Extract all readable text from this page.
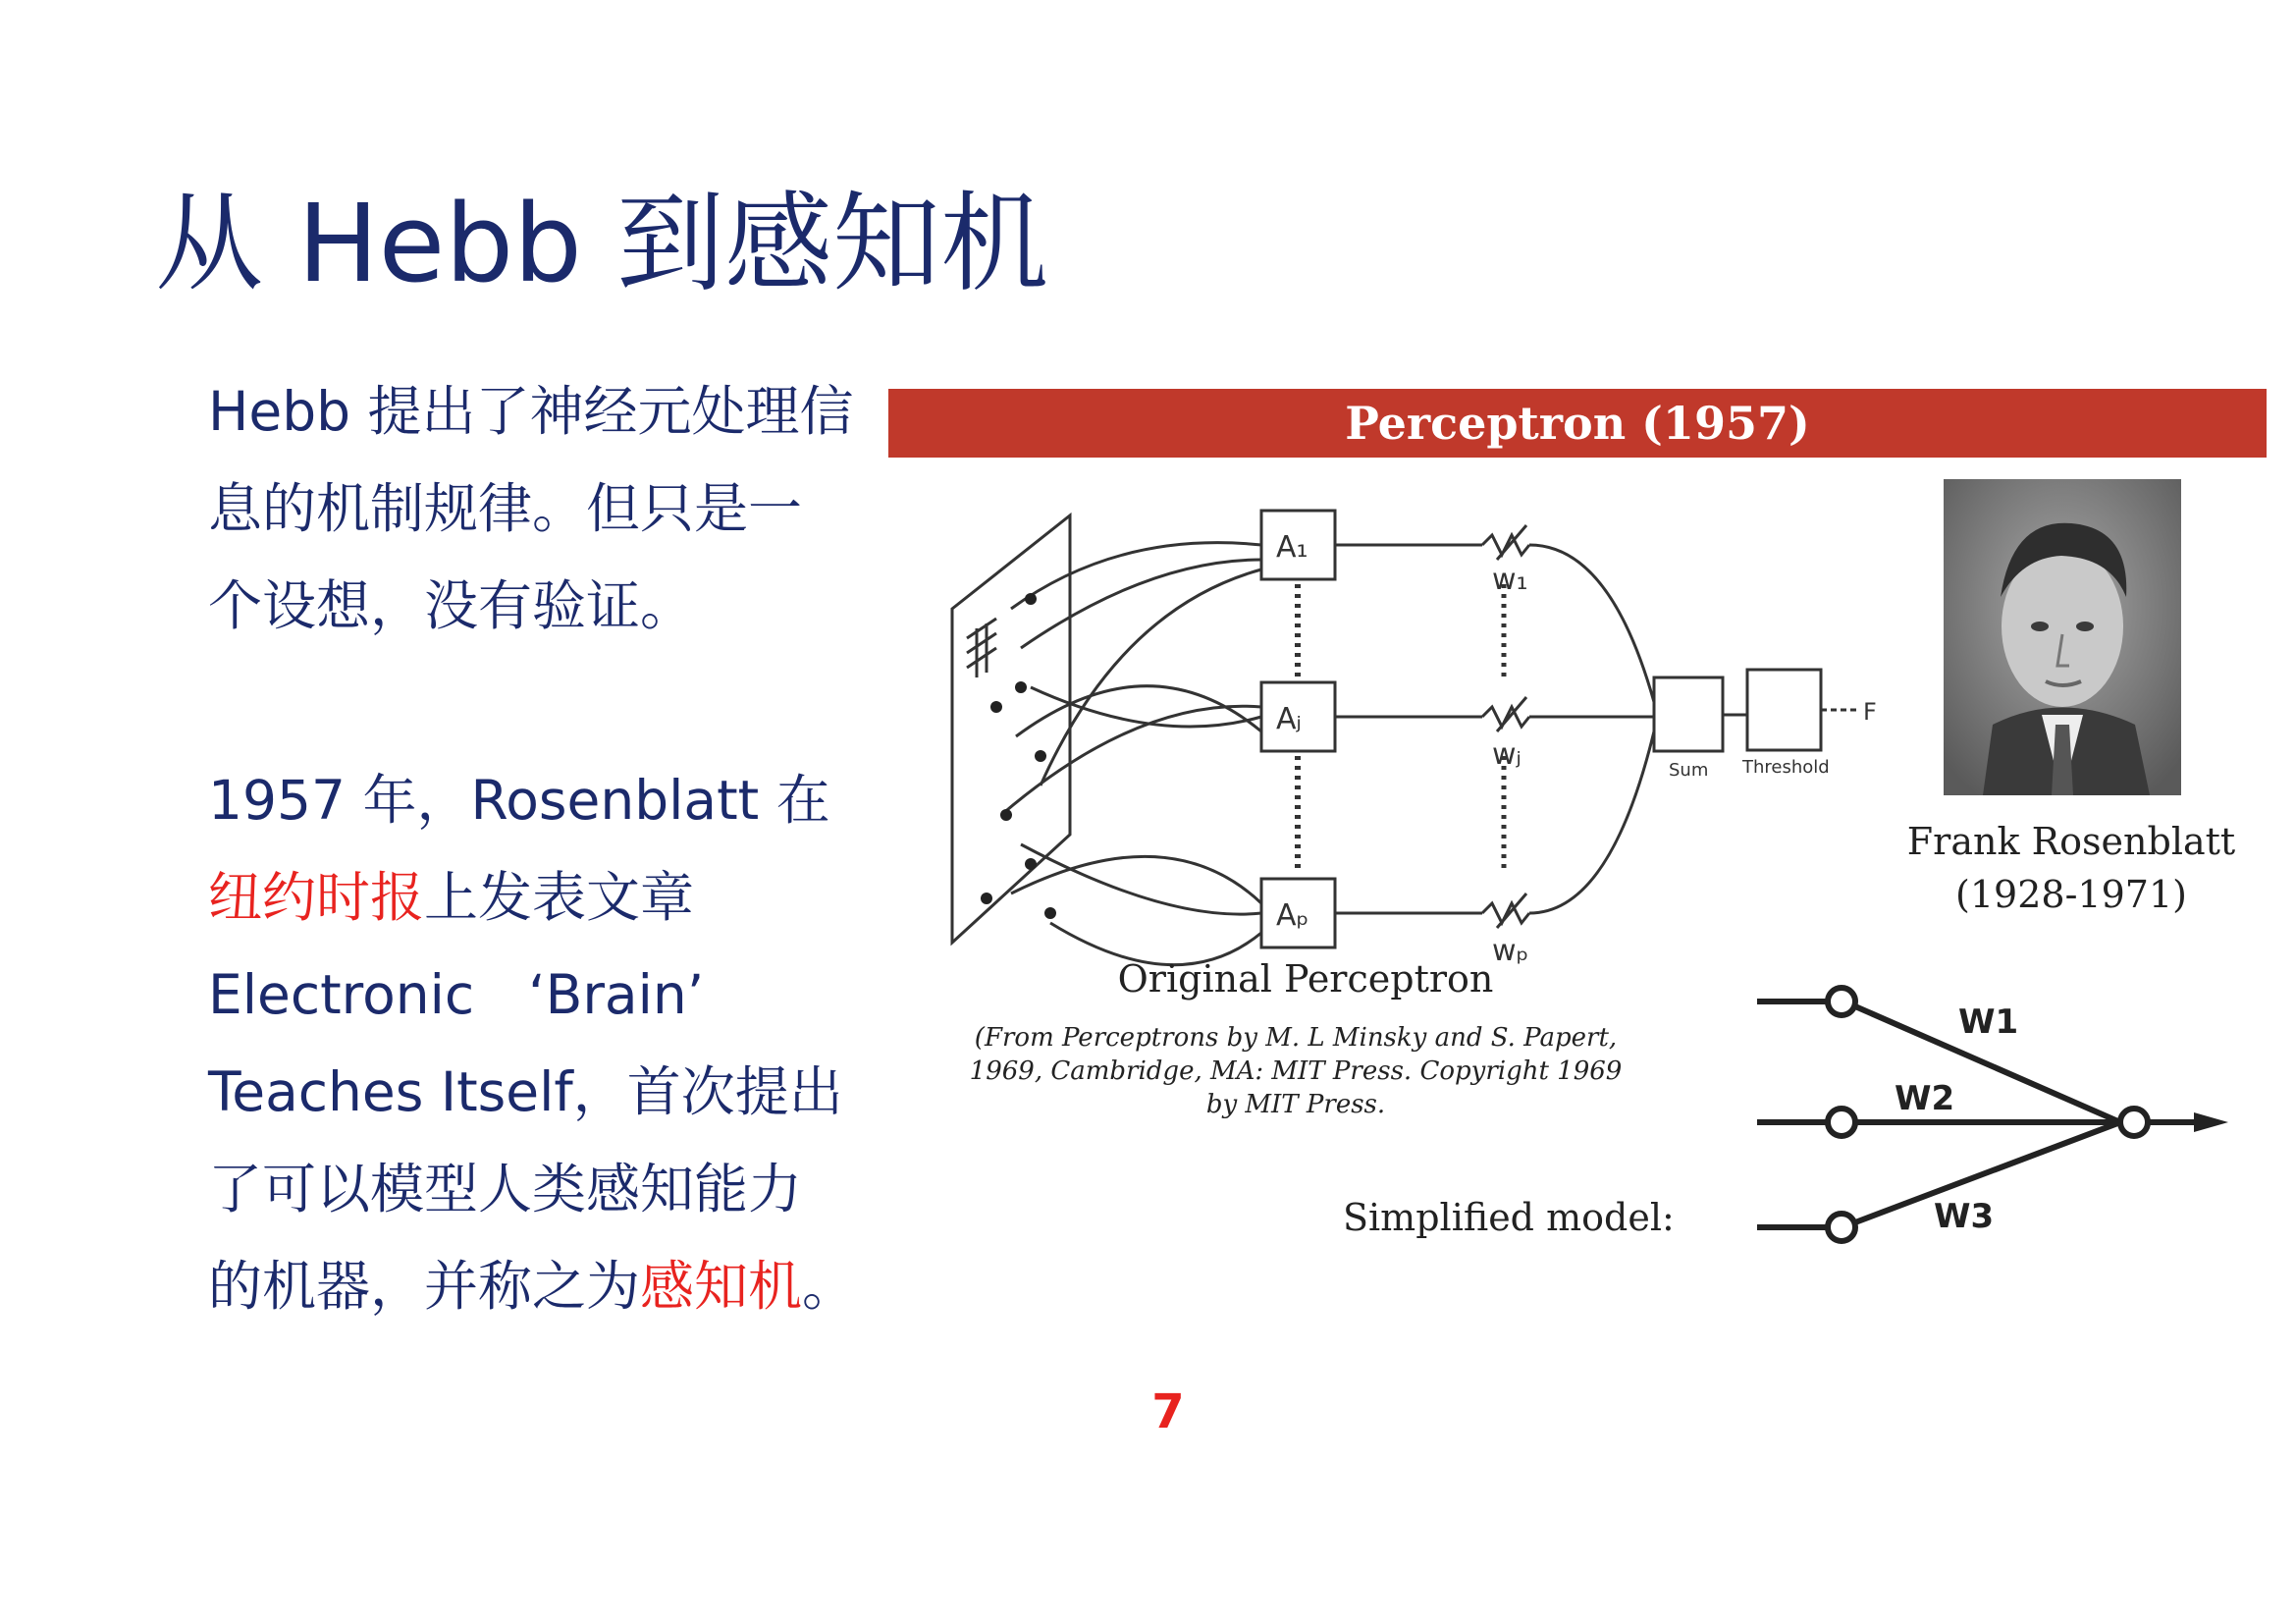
从 Hebb 到感知机

Hebb 提出了神经元处理信

息的机制规律。但只是一

个设想，没有验证。

1957 年，Rosenblatt 在

纽约时报上发表文章

Electronic　‘Brain’

Teaches Itself，首次提出

了可以模型人类感知能力

的机器，并称之为感知机。

Perceptron (1957)
Frank Rosenblatt
(1928-1971)
A₁
Aⱼ
Aₚ
w₁
wⱼ
wₚ
F
Sum Threshold
Original Perceptron
(From Perceptrons by M. L Minsky and S. Papert,
1969, Cambridge, MA: MIT Press. Copyright 1969
by MIT Press.
Simplified model:
W1
W2
W3
7
